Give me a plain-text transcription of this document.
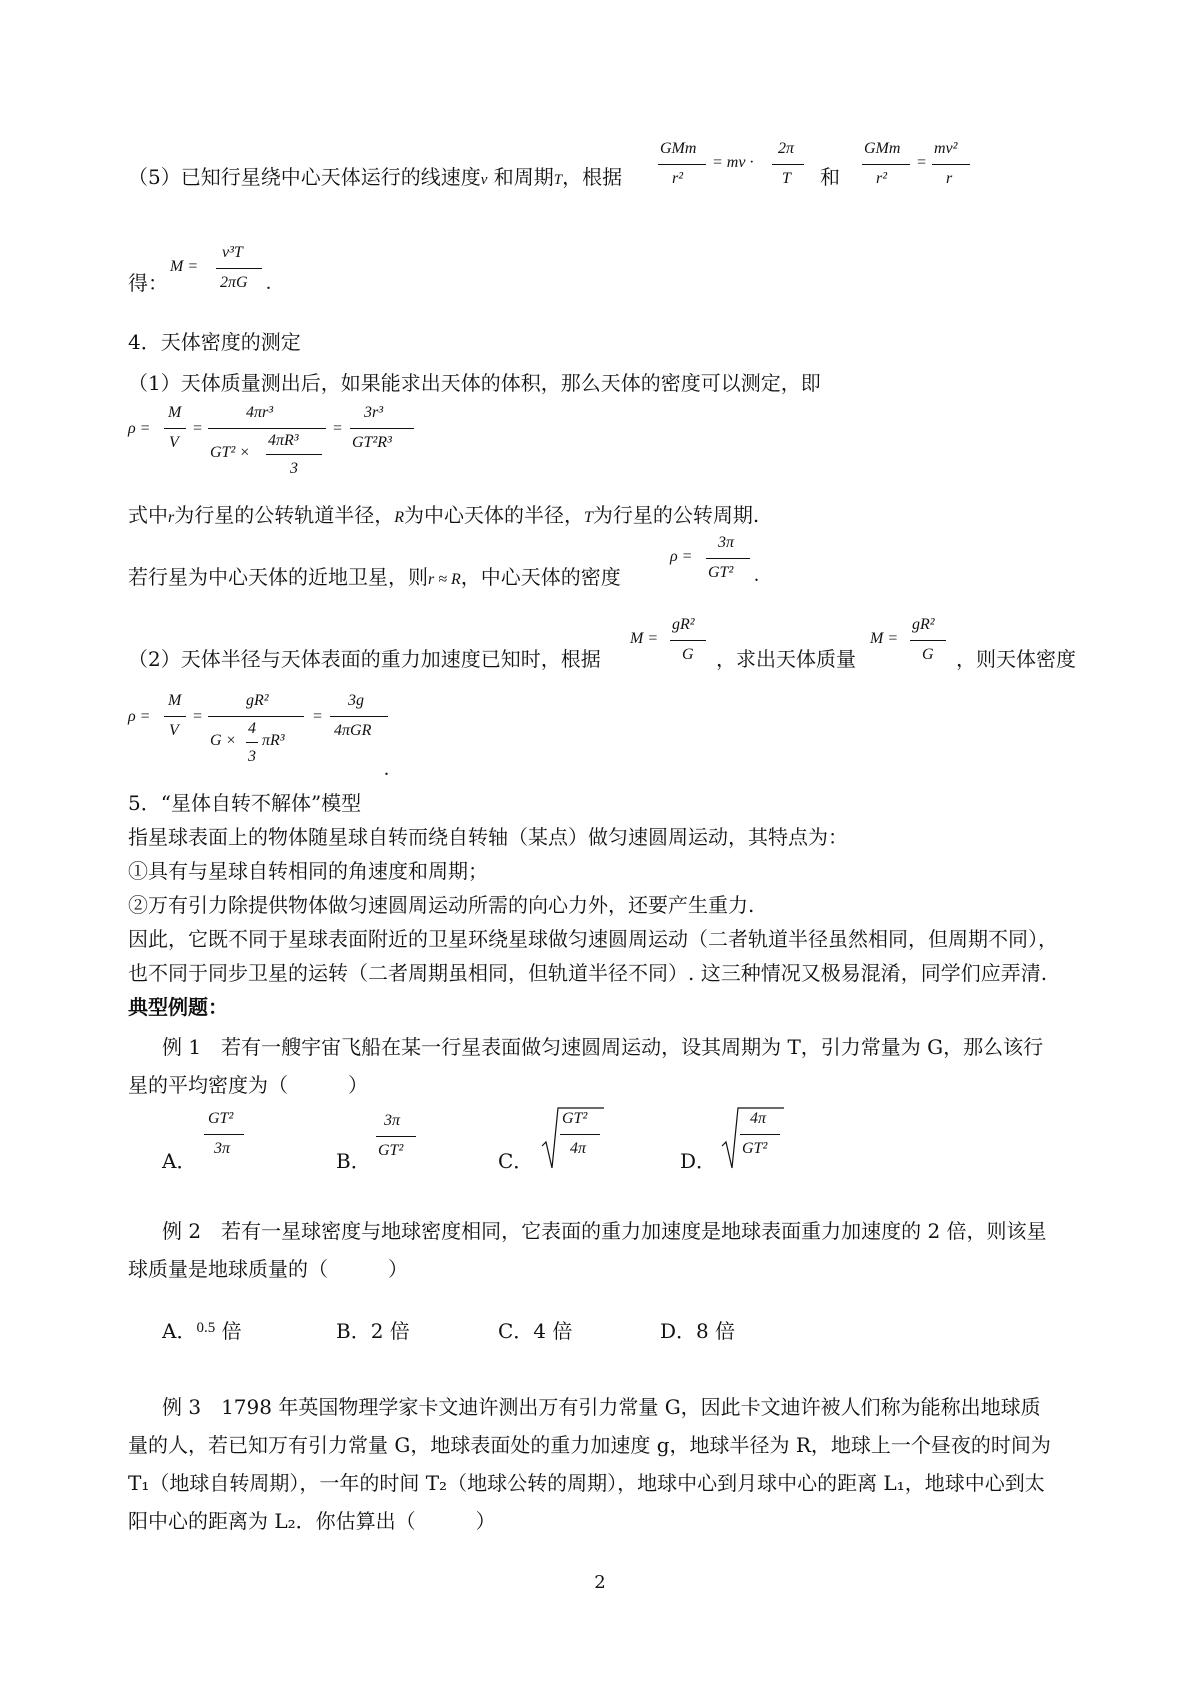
（5）已知行星绕中心天体运行的线速度v 和周期T，根据
GMm
r²
= mv ·
2π
T 和
GMm
r²
=
mv²
r
得：
M =
v³T
2πG .
4．天体密度的测定
（1）天体质量测出后，如果能求出天体的体积，那么天体的密度可以测定，即
ρ =
M
V
=
4πr³
GT² ×
4πR³
3
=
3r³
GT²R³
式中r为行星的公转轨道半径，R为中心天体的半径，T为行星的公转周期.
若行星为中心天体的近地卫星，则r ≈ R，中心天体的密度
ρ =
3π
GT² .
（2）天体半径与天体表面的重力加速度已知时，根据
M =
gR²
G ，求出天体质量
M =
gR²
G ，则天体密度
ρ =
M
V
=
gR²
G ×
4
3
πR³
=
3g
4πGR
.
5．“星体自转不解体”模型
指星球表面上的物体随星球自转而绕自转轴（某点）做匀速圆周运动，其特点为：
①具有与星球自转相同的角速度和周期；
②万有引力除提供物体做匀速圆周运动所需的向心力外，还要产生重力.
因此，它既不同于星球表面附近的卫星环绕星球做匀速圆周运动（二者轨道半径虽然相同，但周期不同），
也不同于同步卫星的运转（二者周期虽相同，但轨道半径不同）. 这三种情况又极易混淆，同学们应弄清.
典型例题：
例 1　若有一艘宇宙飞船在某一行星表面做匀速圆周运动，设其周期为 T，引力常量为 G，那么该行
星的平均密度为（　　　）
A．
GT²
3π
B．
3π
GT²	C．
GT²
4π
D．
4π
GT²
例 2　若有一星球密度与地球密度相同，它表面的重力加速度是地球表面重力加速度的 2 倍，则该星
球质量是地球质量的（　　　）
A．$^{0.5}$ 倍	B．2 倍	C．4 倍	D．8 倍
例 3　1798 年英国物理学家卡文迪许测出万有引力常量 G，因此卡文迪许被人们称为能称出地球质
量的人，若已知万有引力常量 G，地球表面处的重力加速度 g，地球半径为 R，地球上一个昼夜的时间为
T₁（地球自转周期），一年的时间 T₂（地球公转的周期），地球中心到月球中心的距离 L₁，地球中心到太
阳中心的距离为 L₂．你估算出（　　　）
2
